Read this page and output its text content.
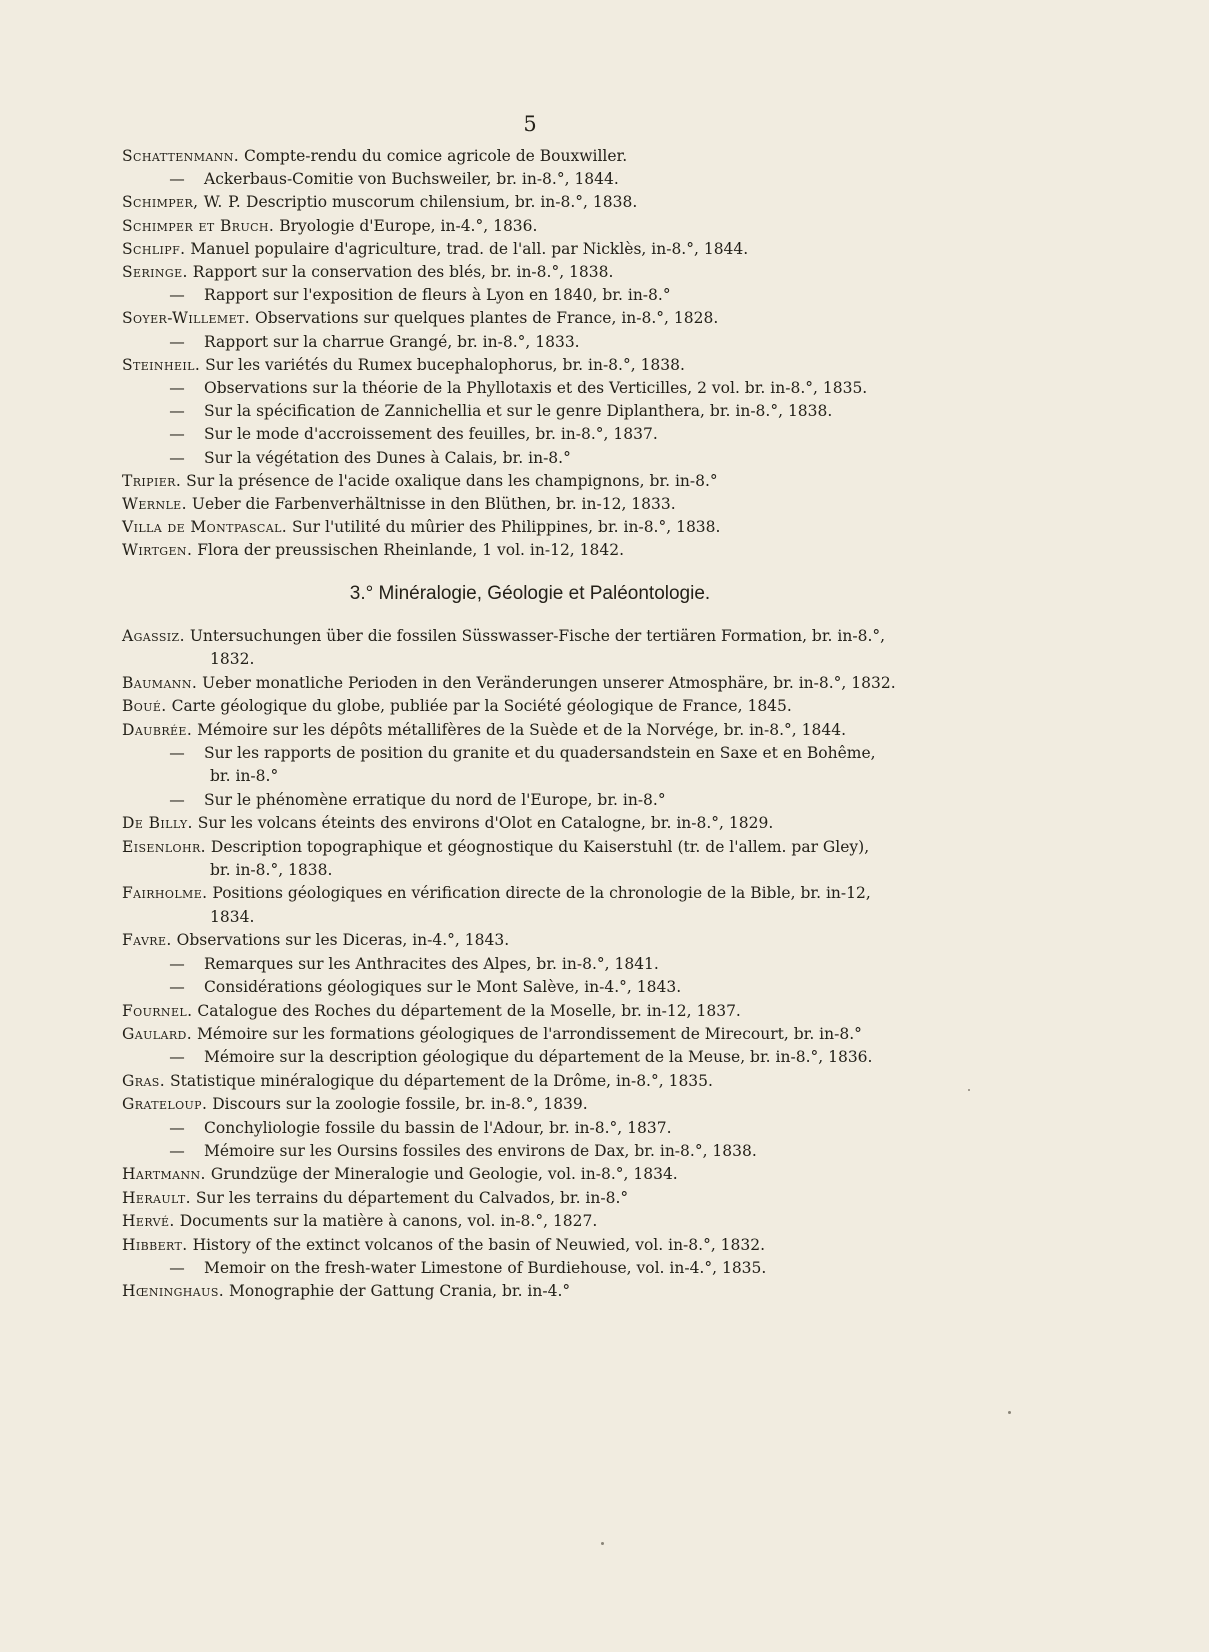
5
Schattenmann. Compte-rendu du comice agricole de Bouxwiller.
— Ackerbaus-Comitie von Buchsweiler, br. in-8.°, 1844.
Schimper, W. P. Descriptio muscorum chilensium, br. in-8.°, 1838.
Schimper et Bruch. Bryologie d'Europe, in-4.°, 1836.
Schlipf. Manuel populaire d'agriculture, trad. de l'all. par Nicklès, in-8.°, 1844.
Seringe. Rapport sur la conservation des blés, br. in-8.°, 1838.
— Rapport sur l'exposition de fleurs à Lyon en 1840, br. in-8.°
Soyer-Willemet. Observations sur quelques plantes de France, in-8.°, 1828.
— Rapport sur la charrue Grangé, br. in-8.°, 1833.
Steinheil. Sur les variétés du Rumex bucephalophorus, br. in-8.°, 1838.
— Observations sur la théorie de la Phyllotaxis et des Verticilles, 2 vol. br. in-8.°, 1835.
— Sur la spécification de Zannichellia et sur le genre Diplanthera, br. in-8.°, 1838.
— Sur le mode d'accroissement des feuilles, br. in-8.°, 1837.
— Sur la végétation des Dunes à Calais, br. in-8.°
Tripier. Sur la présence de l'acide oxalique dans les champignons, br. in-8.°
Wernle. Ueber die Farbenverhältnisse in den Blüthen, br. in-12, 1833.
Villa de Montpascal. Sur l'utilité du mûrier des Philippines, br. in-8.°, 1838.
Wirtgen. Flora der preussischen Rheinlande, 1 vol. in-12, 1842.
3.° Minéralogie, Géologie et Paléontologie.
Agassiz. Untersuchungen über die fossilen Süsswasser-Fische der tertiären Formation, br. in-8.°,
1832.
Baumann. Ueber monatliche Perioden in den Veränderungen unserer Atmosphäre, br. in-8.°, 1832.
Boué. Carte géologique du globe, publiée par la Société géologique de France, 1845.
Daubrée. Mémoire sur les dépôts métallifères de la Suède et de la Norvége, br. in-8.°, 1844.
— Sur les rapports de position du granite et du quadersandstein en Saxe et en Bohême,
br. in-8.°
— Sur le phénomène erratique du nord de l'Europe, br. in-8.°
De Billy. Sur les volcans éteints des environs d'Olot en Catalogne, br. in-8.°, 1829.
Eisenlohr. Description topographique et géognostique du Kaiserstuhl (tr. de l'allem. par Gley),
br. in-8.°, 1838.
Fairholme. Positions géologiques en vérification directe de la chronologie de la Bible, br. in-12,
1834.
Favre. Observations sur les Diceras, in-4.°, 1843.
— Remarques sur les Anthracites des Alpes, br. in-8.°, 1841.
— Considérations géologiques sur le Mont Salève, in-4.°, 1843.
Fournel. Catalogue des Roches du département de la Moselle, br. in-12, 1837.
Gaulard. Mémoire sur les formations géologiques de l'arrondissement de Mirecourt, br. in-8.°
— Mémoire sur la description géologique du département de la Meuse, br. in-8.°, 1836.
Gras. Statistique minéralogique du département de la Drôme, in-8.°, 1835.
Grateloup. Discours sur la zoologie fossile, br. in-8.°, 1839.
— Conchyliologie fossile du bassin de l'Adour, br. in-8.°, 1837.
— Mémoire sur les Oursins fossiles des environs de Dax, br. in-8.°, 1838.
Hartmann. Grundzüge der Mineralogie und Geologie, vol. in-8.°, 1834.
Herault. Sur les terrains du département du Calvados, br. in-8.°
Hervé. Documents sur la matière à canons, vol. in-8.°, 1827.
Hibbert. History of the extinct volcanos of the basin of Neuwied, vol. in-8.°, 1832.
— Memoir on the fresh-water Limestone of Burdiehouse, vol. in-4.°, 1835.
Hœninghaus. Monographie der Gattung Crania, br. in-4.°
